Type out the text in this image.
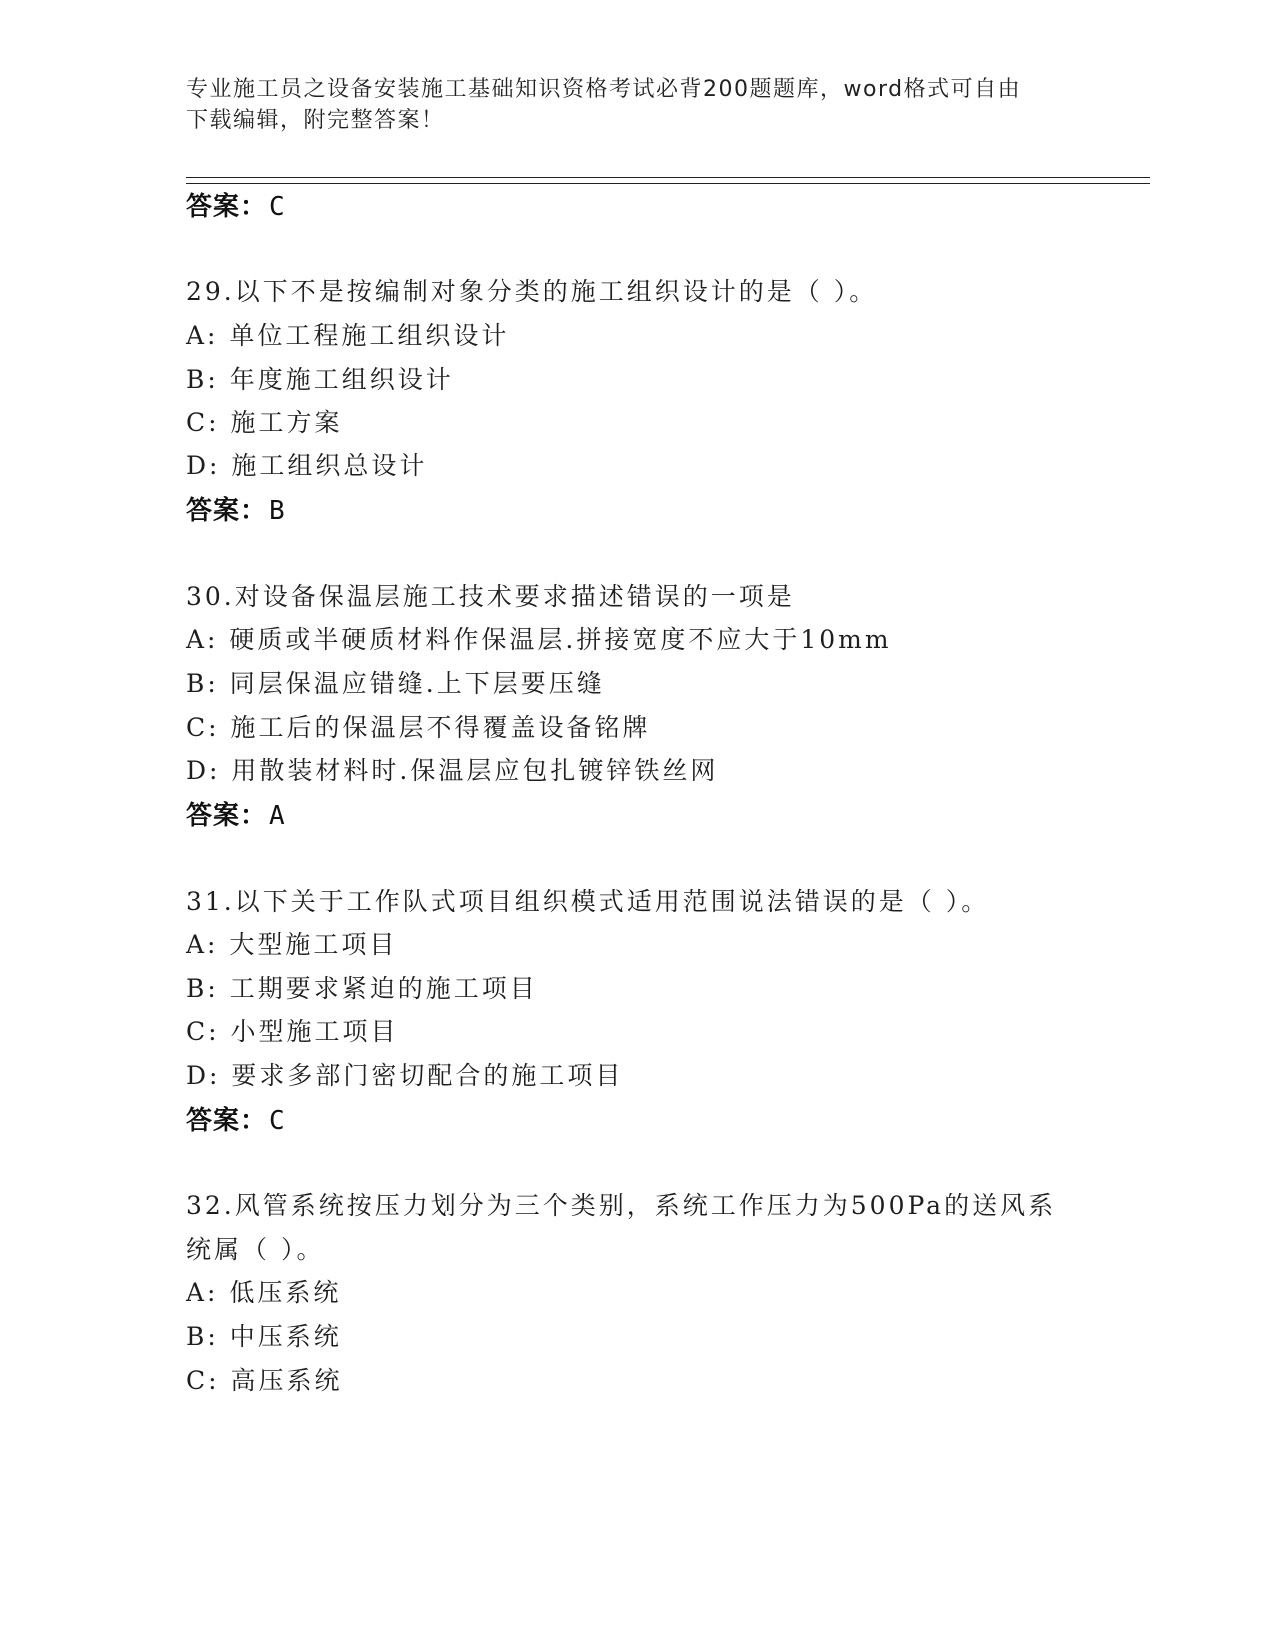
专业施工员之设备安装施工基础知识资格考试必背200题题库，word格式可自由
下载编辑，附完整答案！
答案：C
29.以下不是按编制对象分类的施工组织设计的是（ ）。
A: 单位工程施工组织设计
B: 年度施工组织设计
C: 施工方案
D: 施工组织总设计
答案：B
30.对设备保温层施工技术要求描述错误的一项是
A: 硬质或半硬质材料作保温层.拼接宽度不应大于10mm
B: 同层保温应错缝.上下层要压缝
C: 施工后的保温层不得覆盖设备铭牌
D: 用散装材料时.保温层应包扎镀锌铁丝网
答案：A
31.以下关于工作队式项目组织模式适用范围说法错误的是（ ）。
A: 大型施工项目
B: 工期要求紧迫的施工项目
C: 小型施工项目
D: 要求多部门密切配合的施工项目
答案：C
32.风管系统按压力划分为三个类别，系统工作压力为500Pa的送风系
统属（ ）。
A: 低压系统
B: 中压系统
C: 高压系统
